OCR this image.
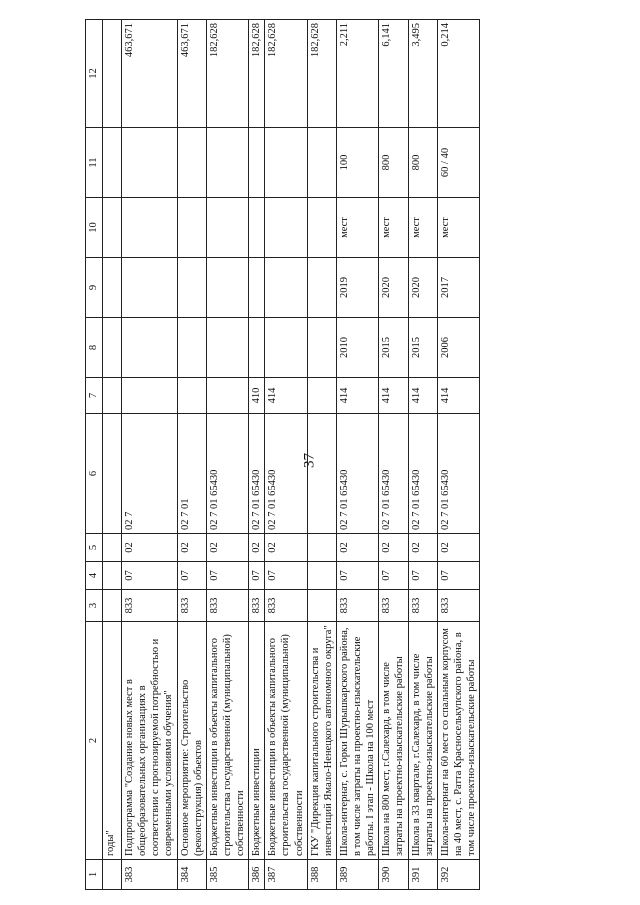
37
1	2	3	4	5	6	7	8	9	10	11	12
	годы"										
383	Подпрограмма "Создание новых мест в общеобразовательных организациях в соответствии с прогнозируемой потребностью и современными условиями обучения"	833	07	02	02 7						463,671
384	Основное мероприятие: Строительство (реконструкция) объектов	833	07	02	02 7 01						463,671
385	Бюджетные инвестиции в объекты капитального строительства государственной (муниципальной) собственности	833	07	02	02 7 01 65430						182,628
386	Бюджетные инвестиции	833	07	02	02 7 01 65430	410					182,628
387	Бюджетные инвестиции в объекты капитального строительства государственной (муниципальной) собственности	833	07	02	02 7 01 65430	414					182,628
388	ГКУ "Дирекция капитального строительства и инвестиций Ямало-Ненецкого автономного округа"										182,628
389	Школа-интернат, с. Горки Шурышкарского района, в том числе затраты на проектно-изыскательские работы. I этап - Школа на 100 мест	833	07	02	02 7 01 65430	414	2010	2019	мест	100	2,211
390	Школа на 800 мест, г.Салехард, в том числе затраты на проектно-изыскательские работы	833	07	02	02 7 01 65430	414	2015	2020	мест	800	6,141
391	Школа в 33 квартале, г.Салехард, в том числе затраты на проектно-изыскательские работы	833	07	02	02 7 01 65430	414	2015	2020	мест	800	3,495
392	Школа-интернат на 60 мест со спальным корпусом на 40 мест, с. Ратта Красноселькупского района, в том числе проектно-изыскательские работы	833	07	02	02 7 01 65430	414	2006	2017	мест	60 / 40	0,214
